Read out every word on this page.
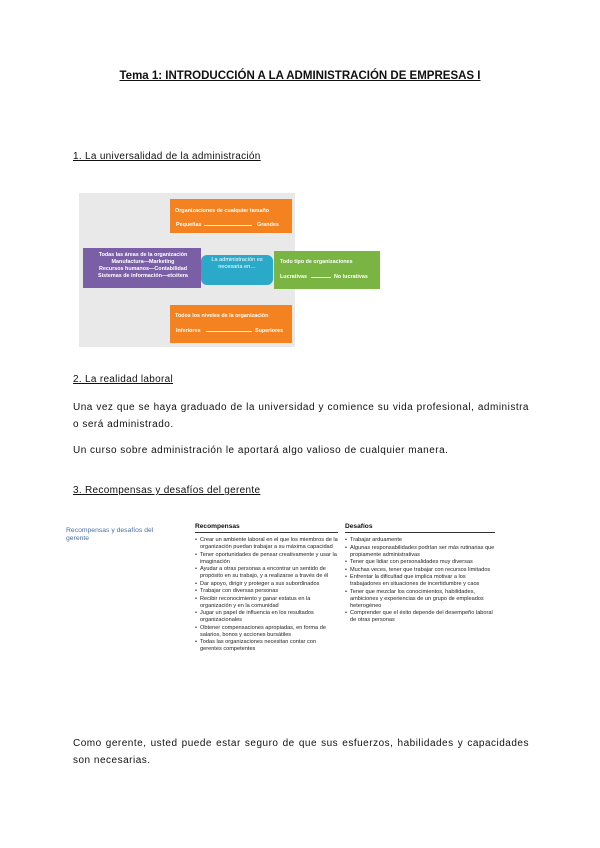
Tema 1: INTRODUCCIÓN A LA ADMINISTRACIÓN DE EMPRESAS I
1. La universalidad de la administración
Organizaciones de cualquier tamaño
Pequeñas	Grandes
Todas las áreas de la organización
Manufactura—Marketing
Recursos humanos—Contabilidad
Sistemas de información—etcétera
Todos los niveles de la organización
Inferiores	Superiores
La administración es necesaria en…
Todo tipo de organizaciones
Lucrativas	No lucrativas
2. La realidad laboral
Una vez que se haya graduado de la universidad y comience su vida profesional, administra o será administrado.
Un curso sobre administración le aportará algo valioso de cualquier manera.
3. Recompensas y desafíos del gerente
Recompensas y desafíos del gerente
Recompensas
• Crear un ambiente laboral en el que los miembros de la organización puedan trabajar a su máxima capacidad
• Tener oportunidades de pensar creativamente y usar la imaginación
• Ayudar a otras personas a encontrar un sentido de propósito en su trabajo, y a realizarse a través de él
• Dar apoyo, dirigir y proteger a sus subordinados
• Trabajar con diversas personas
• Recibir reconocimiento y ganar estatus en la organización y en la comunidad
• Jugar un papel de influencia en los resultados organizacionales
• Obtener compensaciones apropiadas, en forma de salarios, bonos y acciones bursátiles
• Todas las organizaciones necesitan contar con gerentes competentes
Desafíos
• Trabajar arduamente
• Algunas responsabilidades podrían ser más rutinarias que propiamente administrativas
• Tener que lidiar con personalidades muy diversas
• Muchas veces, tener que trabajar con recursos limitados
• Enfrentar la dificultad que implica motivar a los trabajadores en situaciones de incertidumbre y caos
• Tener que mezclar los conocimientos, habilidades, ambiciones y experiencias de un grupo de empleados heterogéneo
• Comprender que el éxito depende del desempeño laboral de otras personas
Como gerente, usted puede estar seguro de que sus esfuerzos, habilidades y capacidades son necesarias.
